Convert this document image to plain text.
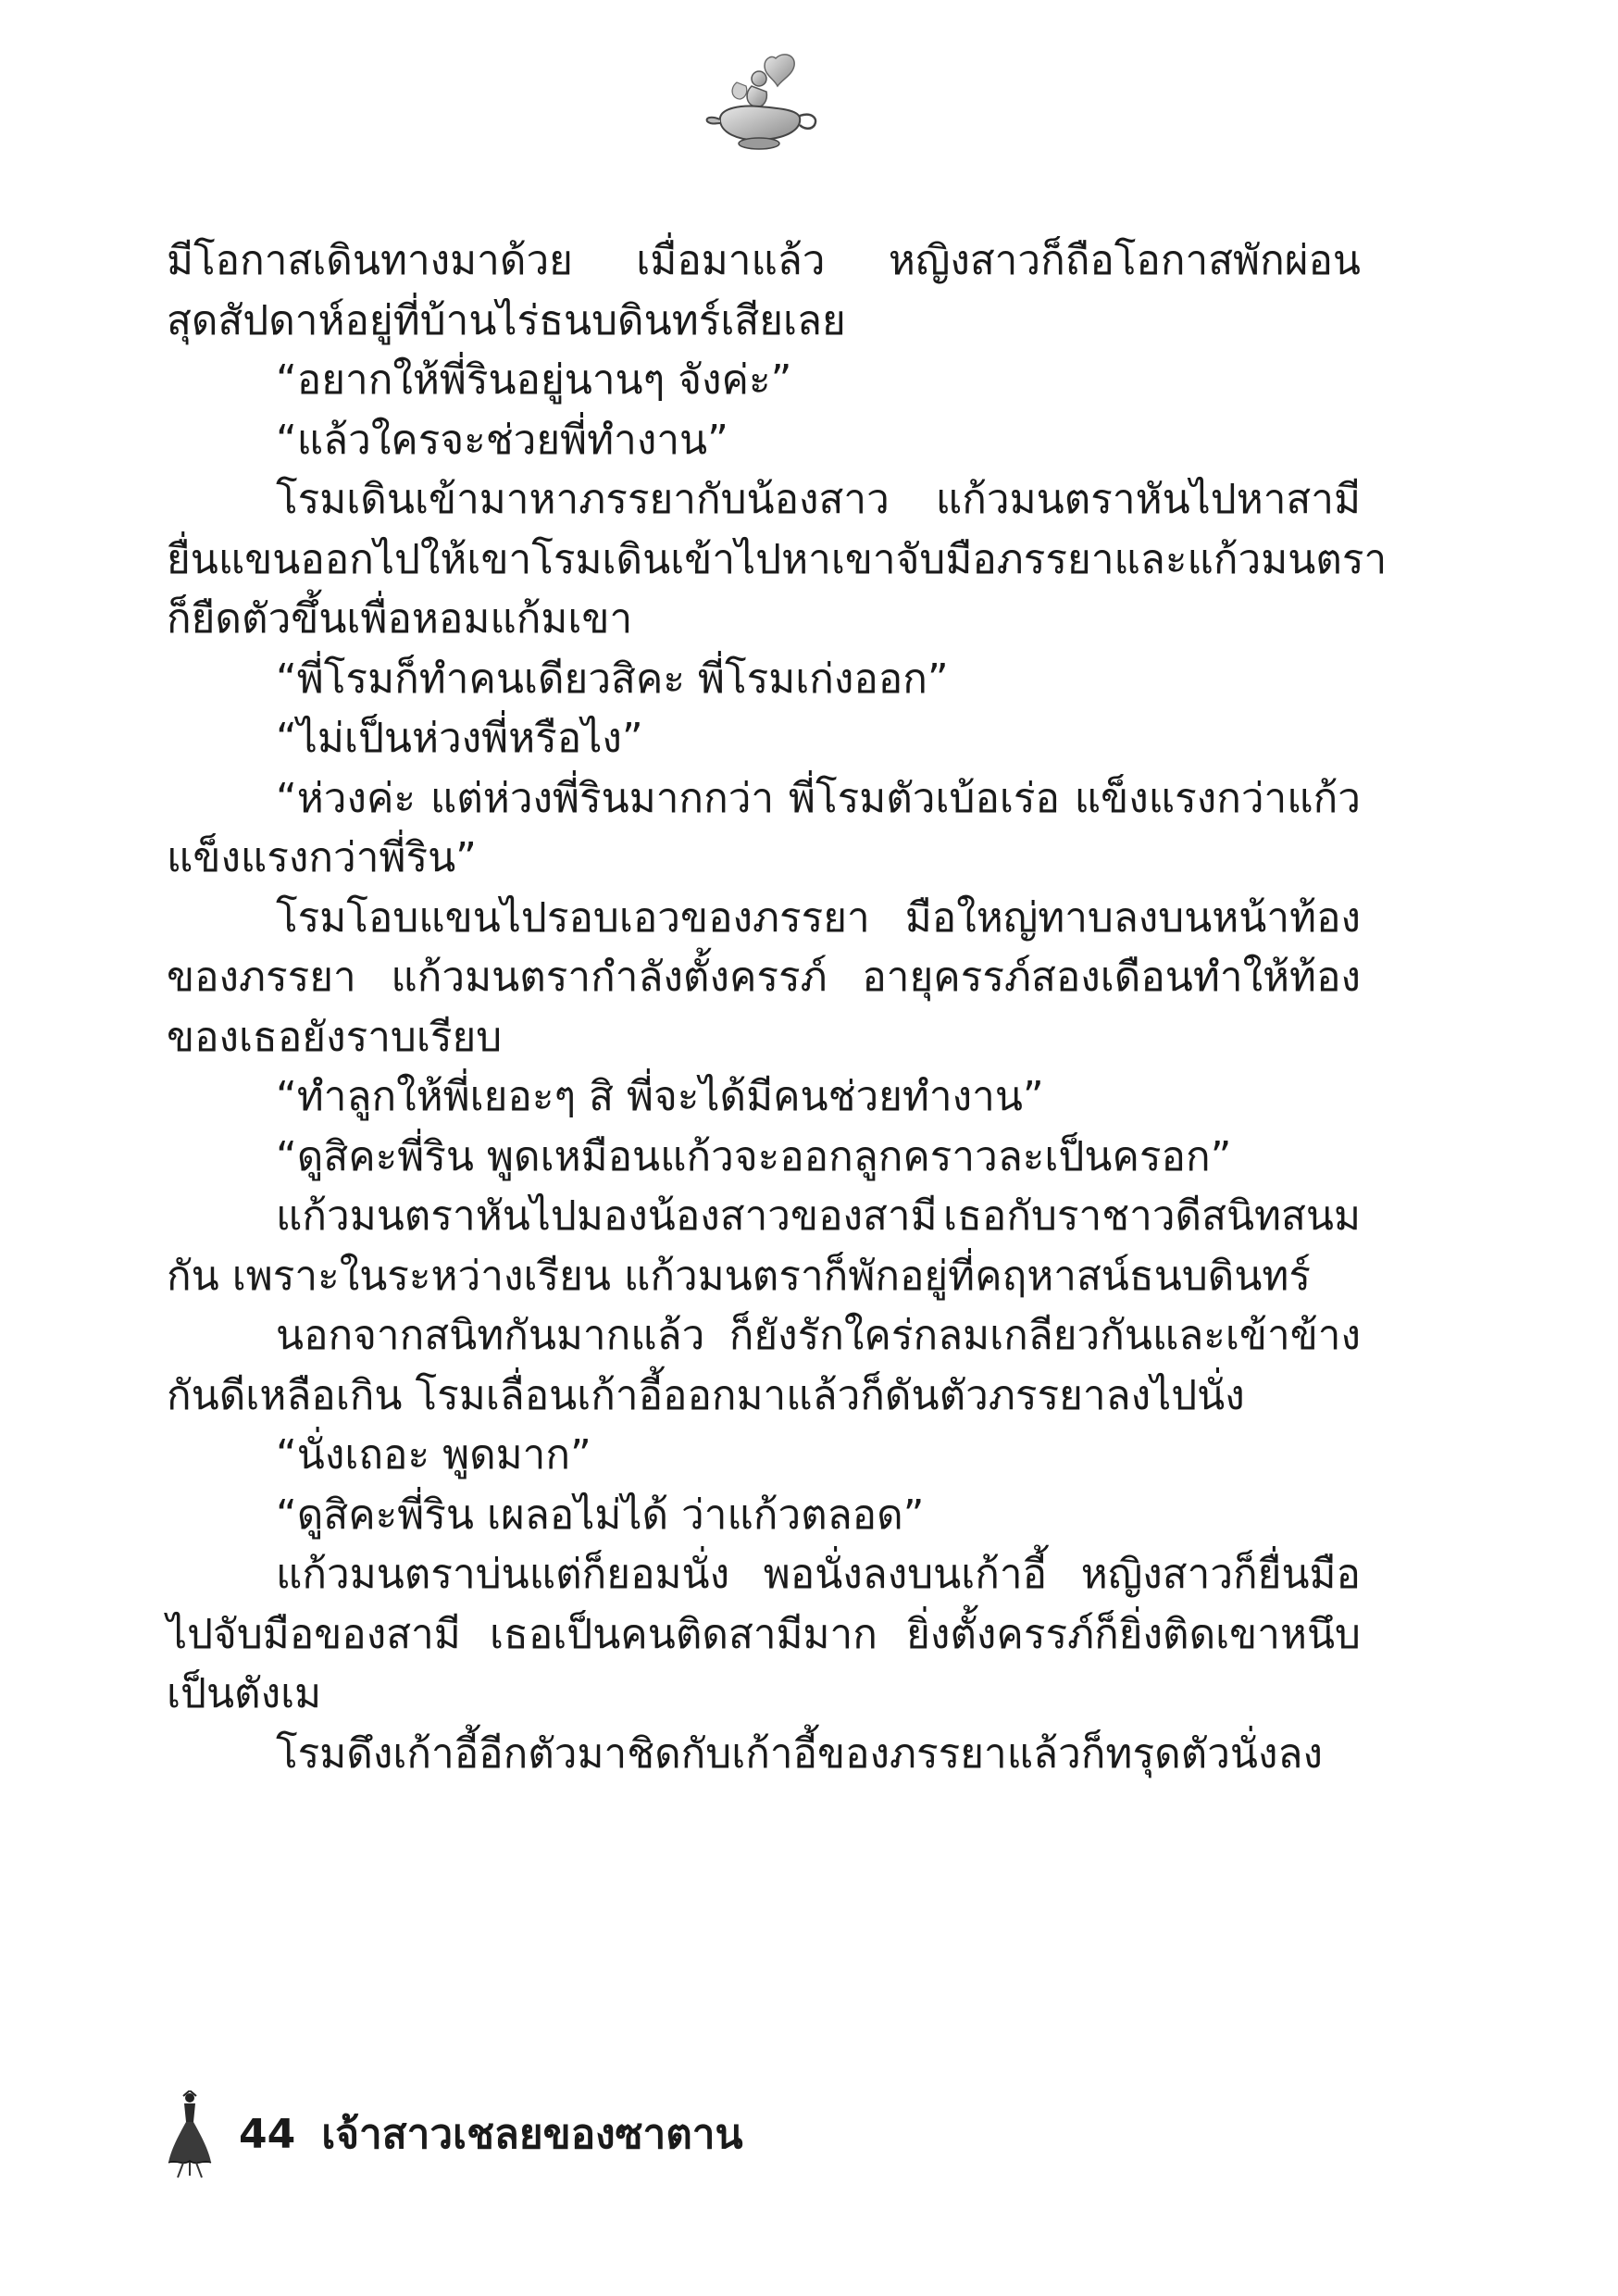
มีโอกาสเดินทางมาด้วย เมื่อมาแล้ว หญิงสาวก็ถือโอกาสพักผ่อน
สุดสัปดาห์อยู่ที่บ้านไร่ธนบดินทร์เสียเลย
“อยากให้พี่รินอยู่นานๆ จังค่ะ”
“แล้วใครจะช่วยพี่ทำงาน”
โรมเดินเข้ามาหาภรรยากับน้องสาว แก้วมนตราหันไปหาสามี
ยื่นแขนออกไปให้เขา โรมเดินเข้าไปหา เขาจับมือภรรยา และแก้วมนตรา
ก็ยืดตัวขึ้นเพื่อหอมแก้มเขา
“พี่โรมก็ทำคนเดียวสิคะ พี่โรมเก่งออก”
“ไม่เป็นห่วงพี่หรือไง”
“ห่วงค่ะ แต่ห่วงพี่รินมากกว่า พี่โรมตัวเบ้อเร่อ แข็งแรงกว่าแก้ว
แข็งแรงกว่าพี่ริน”
โรมโอบแขนไปรอบเอวของภรรยา มือใหญ่ทาบลงบนหน้าท้อง
ของภรรยา แก้วมนตรากำลังตั้งครรภ์ อายุครรภ์สองเดือนทำให้ท้อง
ของเธอยังราบเรียบ
“ทำลูกให้พี่เยอะๆ สิ พี่จะได้มีคนช่วยทำงาน”
“ดูสิคะพี่ริน พูดเหมือนแก้วจะออกลูกคราวละเป็นครอก”
แก้วมนตราหันไปมองน้องสาวของสามี เธอกับราชาวดีสนิทสนม
กัน เพราะในระหว่างเรียน แก้วมนตราก็พักอยู่ที่คฤหาสน์ธนบดินทร์
นอกจากสนิทกันมากแล้ว ก็ยังรักใคร่กลมเกลียวกันและเข้าข้าง
กันดีเหลือเกิน โรมเลื่อนเก้าอี้ออกมาแล้วก็ดันตัวภรรยาลงไปนั่ง
“นั่งเถอะ พูดมาก”
“ดูสิคะพี่ริน เผลอไม่ได้ ว่าแก้วตลอด”
แก้วมนตราบ่นแต่ก็ยอมนั่ง พอนั่งลงบนเก้าอี้ หญิงสาวก็ยื่นมือ
ไปจับมือของสามี เธอเป็นคนติดสามีมาก ยิ่งตั้งครรภ์ก็ยิ่งติดเขาหนึบ
เป็นตังเม
โรมดึงเก้าอี้อีกตัวมาชิดกับเก้าอี้ของภรรยาแล้วก็ทรุดตัวนั่งลง
44 เจ้าสาวเชลยของซาตาน
